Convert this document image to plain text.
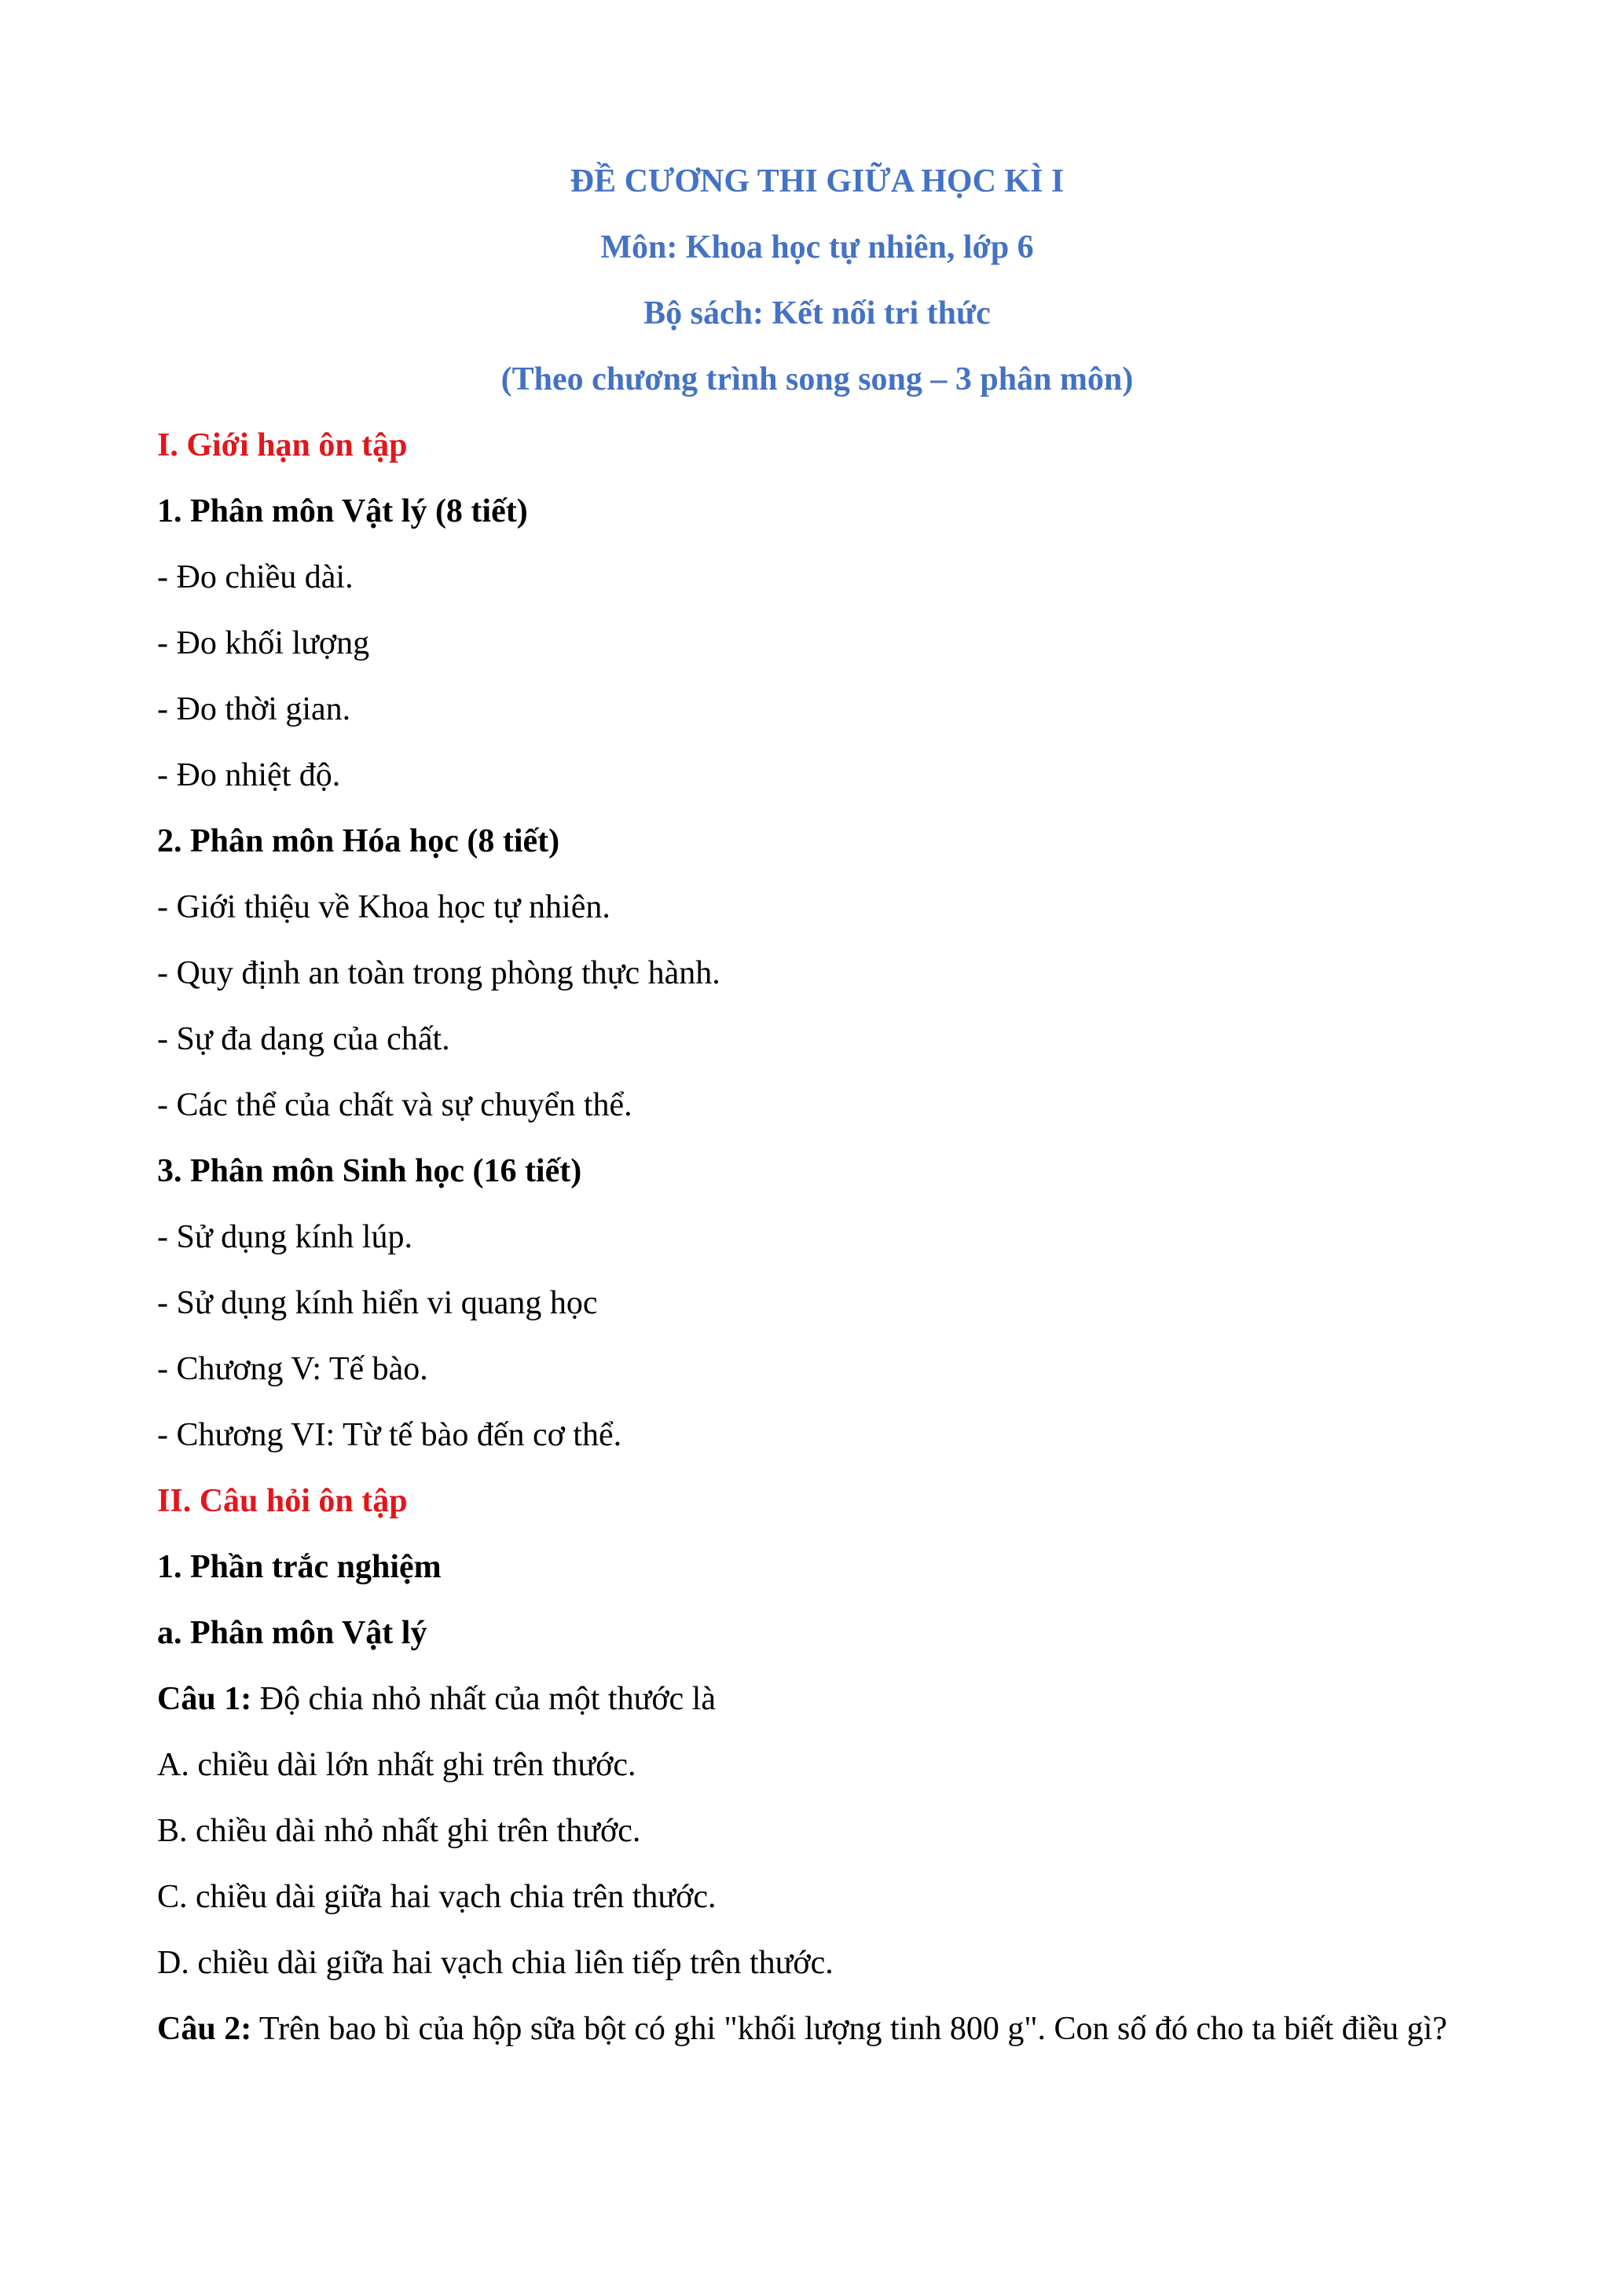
ĐỀ CƯƠNG THI GIỮA HỌC KÌ I
Môn: Khoa học tự nhiên, lớp 6
Bộ sách: Kết nối tri thức
(Theo chương trình song song – 3 phân môn)
I. Giới hạn ôn tập
1. Phân môn Vật lý (8 tiết)
- Đo chiều dài.
- Đo khối lượng
- Đo thời gian.
- Đo nhiệt độ.
2. Phân môn Hóa học (8 tiết)
- Giới thiệu về Khoa học tự nhiên.
- Quy định an toàn trong phòng thực hành.
- Sự đa dạng của chất.
- Các thể của chất và sự chuyển thể.
3. Phân môn Sinh học (16 tiết)
- Sử dụng kính lúp.
- Sử dụng kính hiển vi quang học
- Chương V: Tế bào.
- Chương VI: Từ tế bào đến cơ thể.
II. Câu hỏi ôn tập
1. Phần trắc nghiệm
a. Phân môn Vật lý
Câu 1: Độ chia nhỏ nhất của một thước là
A. chiều dài lớn nhất ghi trên thước.
B. chiều dài nhỏ nhất ghi trên thước.
C. chiều dài giữa hai vạch chia trên thước.
D. chiều dài giữa hai vạch chia liên tiếp trên thước.
Câu 2: Trên bao bì của hộp sữa bột có ghi "khối lượng tinh 800 g". Con số đó cho ta biết điều gì?
